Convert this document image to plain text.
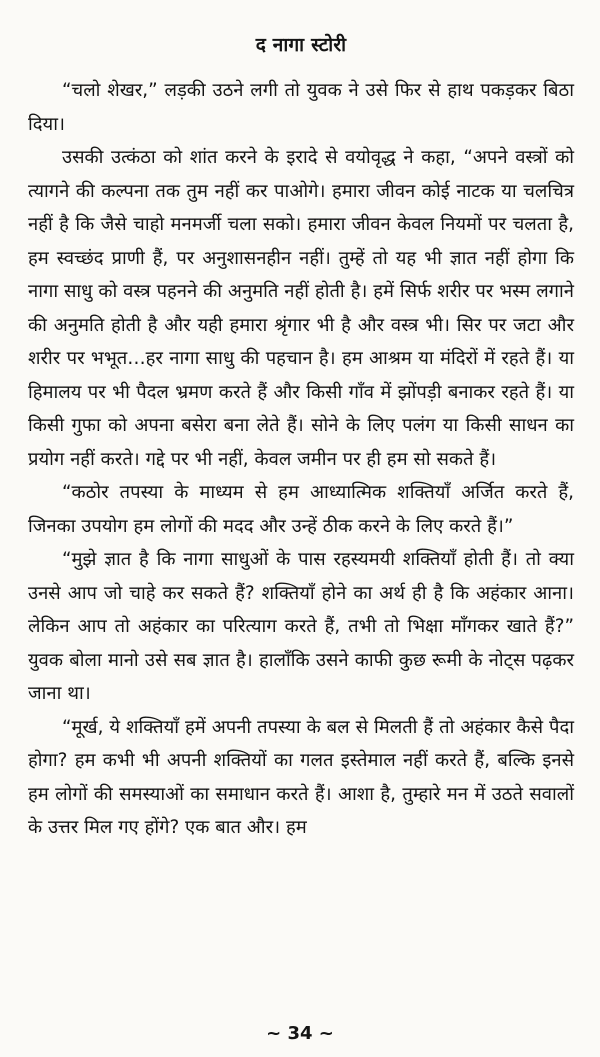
द नागा स्टोरी

“चलो शेखर,” लड़की उठने लगी तो युवक ने उसे फिर से हाथ पकड़कर बिठा दिया।

उसकी उत्कंठा को शांत करने के इरादे से वयोवृद्ध ने कहा, “अपने वस्त्रों को त्यागने की कल्पना तक तुम नहीं कर पाओगे। हमारा जीवन कोई नाटक या चलचित्र नहीं है कि जैसे चाहो मनमर्जी चला सको। हमारा जीवन केवल नियमों पर चलता है, हम स्वच्छंद प्राणी हैं, पर अनुशासनहीन नहीं। तुम्हें तो यह भी ज्ञात नहीं होगा कि नागा साधु को वस्त्र पहनने की अनुमति नहीं होती है। हमें सिर्फ शरीर पर भस्म लगाने की अनुमति होती है और यही हमारा श्रृंगार भी है और वस्त्र भी। सिर पर जटा और शरीर पर भभूत…हर नागा साधु की पहचान है। हम आश्रम या मंदिरों में रहते हैं। या हिमालय पर भी पैदल भ्रमण करते हैं और किसी गाँव में झोंपड़ी बनाकर रहते हैं। या किसी गुफा को अपना बसेरा बना लेते हैं। सोने के लिए पलंग या किसी साधन का प्रयोग नहीं करते। गद्दे पर भी नहीं, केवल जमीन पर ही हम सो सकते हैं।

“कठोर तपस्या के माध्यम से हम आध्यात्मिक शक्तियाँ अर्जित करते हैं, जिनका उपयोग हम लोगों की मदद और उन्हें ठीक करने के लिए करते हैं।”

“मुझे ज्ञात है कि नागा साधुओं के पास रहस्यमयी शक्तियाँ होती हैं। तो क्या उनसे आप जो चाहे कर सकते हैं? शक्तियाँ होने का अर्थ ही है कि अहंकार आना। लेकिन आप तो अहंकार का परित्याग करते हैं, तभी तो भिक्षा माँगकर खाते हैं?” युवक बोला मानो उसे सब ज्ञात है। हालाँकि उसने काफी कुछ रूमी के नोट्स पढ़कर जाना था।

“मूर्ख, ये शक्तियाँ हमें अपनी तपस्या के बल से मिलती हैं तो अहंकार कैसे पैदा होगा? हम कभी भी अपनी शक्तियों का गलत इस्तेमाल नहीं करते हैं, बल्कि इनसे हम लोगों की समस्याओं का समाधान करते हैं। आशा है, तुम्हारे मन में उठते सवालों के उत्तर मिल गए होंगे? एक बात और। हम

~ 34 ~
